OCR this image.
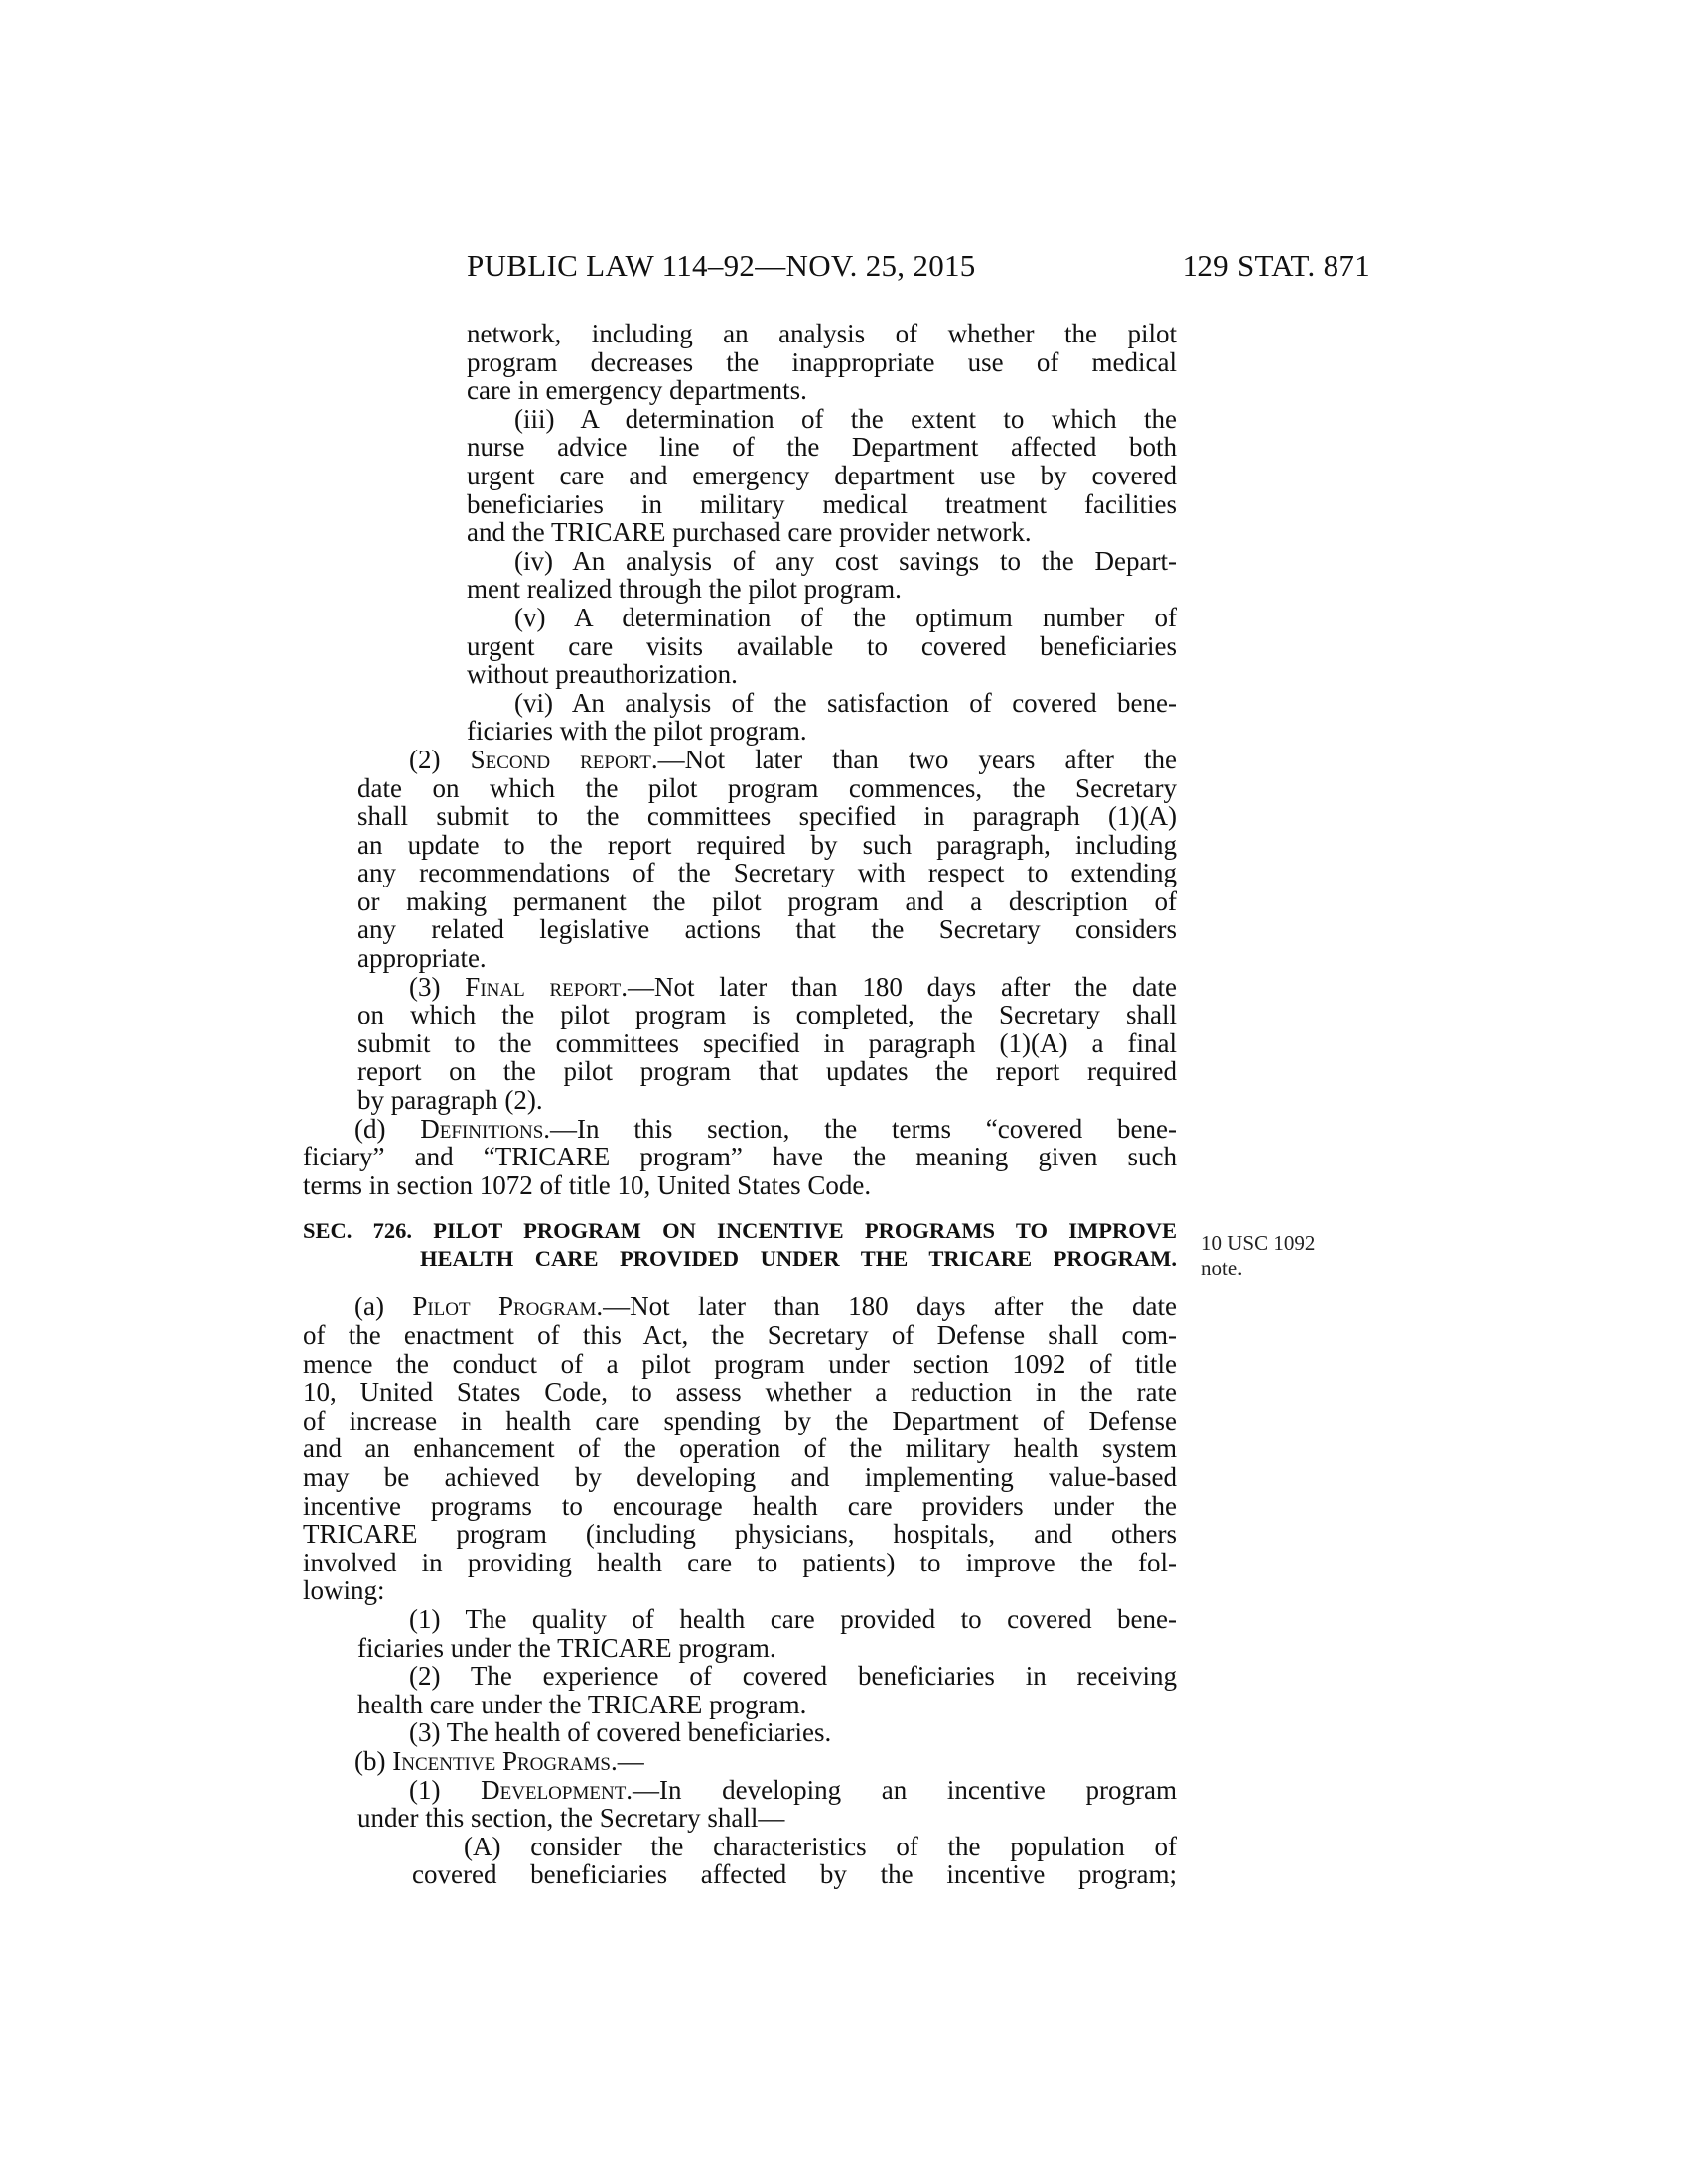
PUBLIC LAW 114–92—NOV. 25, 2015	129 STAT. 871
10 USC 1092
note.
network, including an analysis of whether the pilot
program decreases the inappropriate use of medical
care in emergency departments.
(iii) A determination of the extent to which the
nurse advice line of the Department affected both
urgent care and emergency department use by covered
beneficiaries in military medical treatment facilities
and the TRICARE purchased care provider network.
(iv) An analysis of any cost savings to the Depart-
ment realized through the pilot program.
(v) A determination of the optimum number of
urgent care visits available to covered beneficiaries
without preauthorization.
(vi) An analysis of the satisfaction of covered bene-
ficiaries with the pilot program.
(2) Second report.—Not later than two years after the
date on which the pilot program commences, the Secretary
shall submit to the committees specified in paragraph (1)(A)
an update to the report required by such paragraph, including
any recommendations of the Secretary with respect to extending
or making permanent the pilot program and a description of
any related legislative actions that the Secretary considers
appropriate.
(3) Final report.—Not later than 180 days after the date
on which the pilot program is completed, the Secretary shall
submit to the committees specified in paragraph (1)(A) a final
report on the pilot program that updates the report required
by paragraph (2).
(d) Definitions.—In this section, the terms “covered bene-
ficiary” and “TRICARE program” have the meaning given such
terms in section 1072 of title 10, United States Code.
SEC. 726. PILOT PROGRAM ON INCENTIVE PROGRAMS TO IMPROVE
HEALTH CARE PROVIDED UNDER THE TRICARE PROGRAM.
(a) Pilot Program.—Not later than 180 days after the date
of the enactment of this Act, the Secretary of Defense shall com-
mence the conduct of a pilot program under section 1092 of title
10, United States Code, to assess whether a reduction in the rate
of increase in health care spending by the Department of Defense
and an enhancement of the operation of the military health system
may be achieved by developing and implementing value-based
incentive programs to encourage health care providers under the
TRICARE program (including physicians, hospitals, and others
involved in providing health care to patients) to improve the fol-
lowing:
(1) The quality of health care provided to covered bene-
ficiaries under the TRICARE program.
(2) The experience of covered beneficiaries in receiving
health care under the TRICARE program.
(3) The health of covered beneficiaries.
(b) Incentive Programs.—
(1) Development.—In developing an incentive program
under this section, the Secretary shall—
(A) consider the characteristics of the population of
covered beneficiaries affected by the incentive program;
